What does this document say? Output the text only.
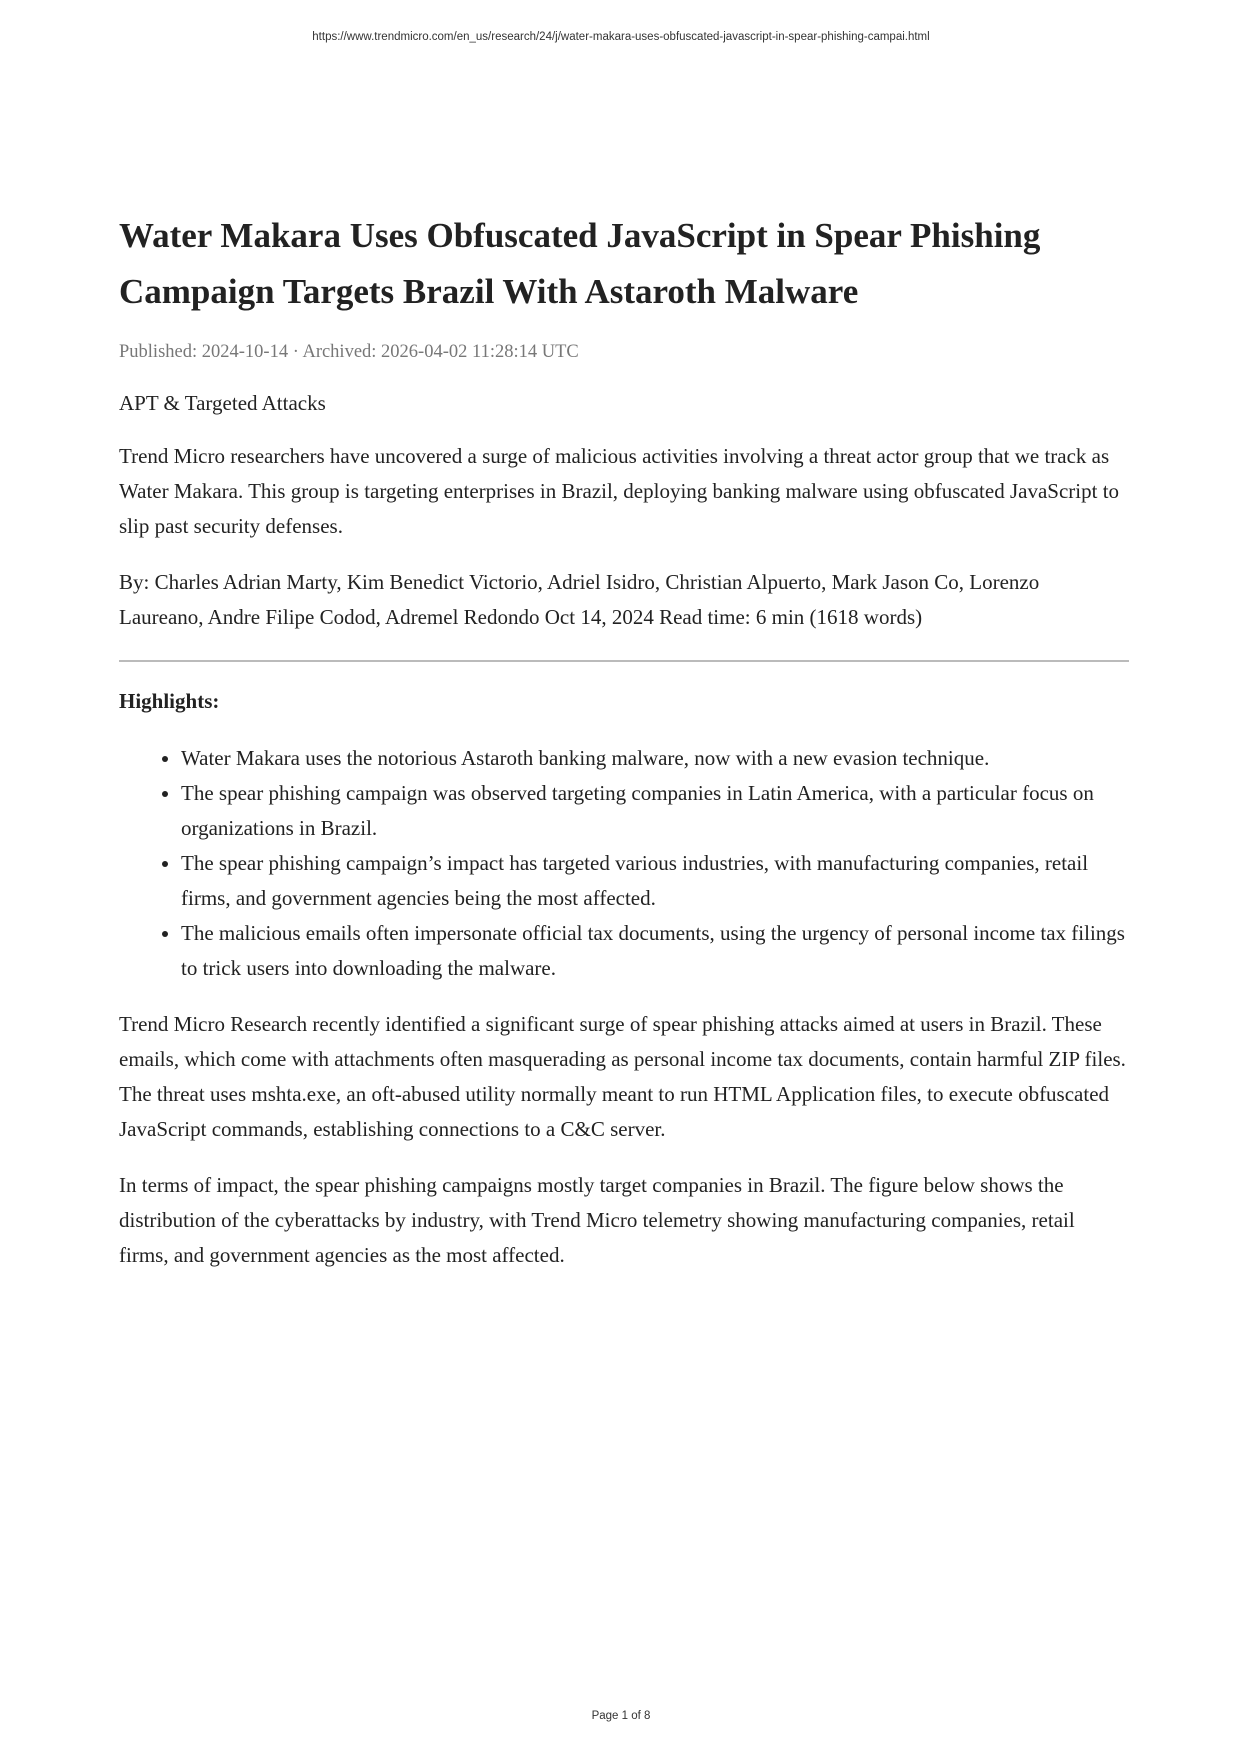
https://www.trendmicro.com/en_us/research/24/j/water-makara-uses-obfuscated-javascript-in-spear-phishing-campai.html
Water Makara Uses Obfuscated JavaScript in Spear Phishing Campaign Targets Brazil With Astaroth Malware
Published: 2024-10-14 · Archived: 2026-04-02 11:28:14 UTC
APT & Targeted Attacks

Trend Micro researchers have uncovered a surge of malicious activities involving a threat actor group that we track as Water Makara. This group is targeting enterprises in Brazil, deploying banking malware using obfuscated JavaScript to slip past security defenses.

By: Charles Adrian Marty, Kim Benedict Victorio, Adriel Isidro, Christian Alpuerto, Mark Jason Co, Lorenzo Laureano, Andre Filipe Codod, Adremel Redondo Oct 14, 2024 Read time: 6 min (1618 words)

Highlights:
• Water Makara uses the notorious Astaroth banking malware, now with a new evasion technique.
• The spear phishing campaign was observed targeting companies in Latin America, with a particular focus on organizations in Brazil.
• The spear phishing campaign’s impact has targeted various industries, with manufacturing companies, retail firms, and government agencies being the most affected.
• The malicious emails often impersonate official tax documents, using the urgency of personal income tax filings to trick users into downloading the malware.

Trend Micro Research recently identified a significant surge of spear phishing attacks aimed at users in Brazil. These emails, which come with attachments often masquerading as personal income tax documents, contain harmful ZIP files. The threat uses mshta.exe, an oft-abused utility normally meant to run HTML Application files, to execute obfuscated JavaScript commands, establishing connections to a C&C server.

In terms of impact, the spear phishing campaigns mostly target companies in Brazil. The figure below shows the distribution of the cyberattacks by industry, with Trend Micro telemetry showing manufacturing companies, retail firms, and government agencies as the most affected.

Page 1 of 8
